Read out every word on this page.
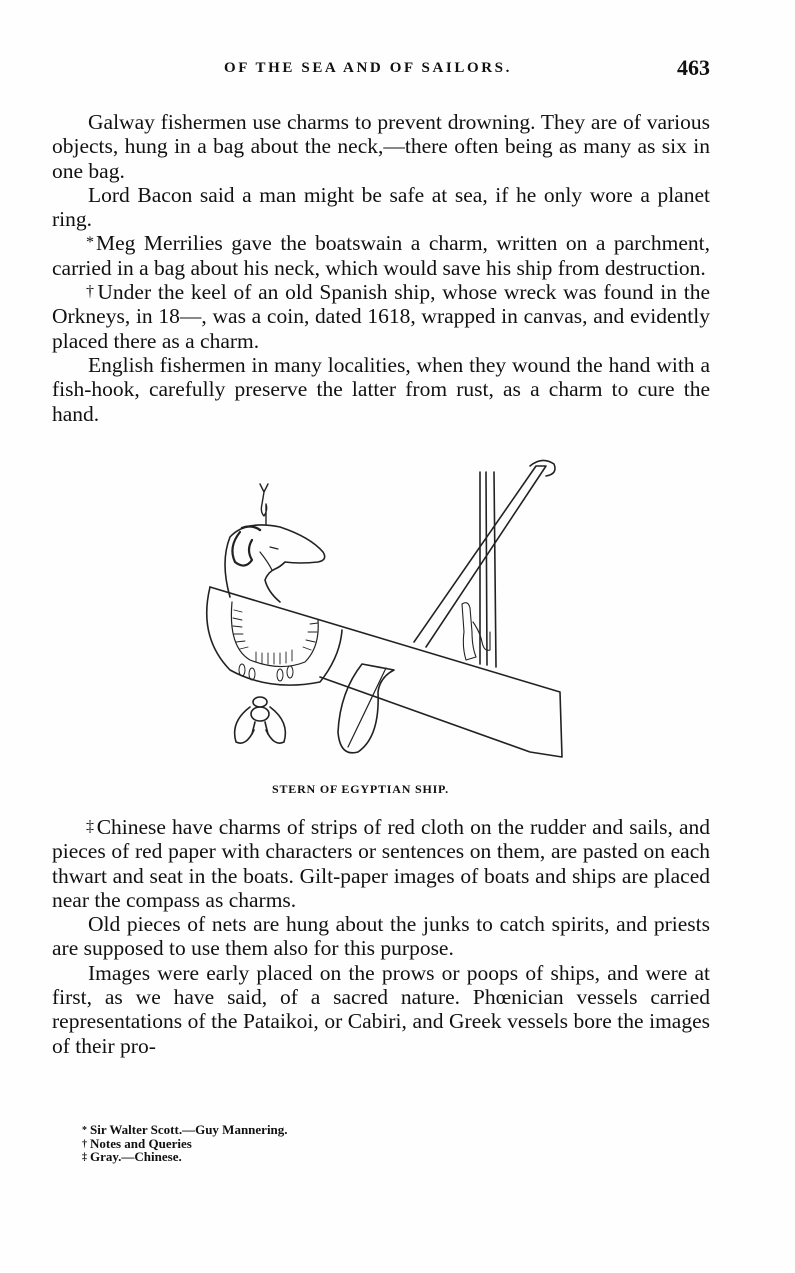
OF THE SEA AND OF SAILORS.	463

Galway fishermen use charms to prevent drowning. They are of various objects, hung in a bag about the neck,—there often being as many as six in one bag.

Lord Bacon said a man might be safe at sea, if he only wore a planet ring.

*Meg Merrilies gave the boatswain a charm, written on a parchment, carried in a bag about his neck, which would save his ship from destruction.

†Under the keel of an old Spanish ship, whose wreck was found in the Orkneys, in 18—, was a coin, dated 1618, wrapped in canvas, and evidently placed there as a charm.

English fishermen in many localities, when they wound the hand with a fish-hook, carefully preserve the latter from rust, as a charm to cure the hand.

STERN OF EGYPTIAN SHIP.

‡Chinese have charms of strips of red cloth on the rudder and sails, and pieces of red paper with characters or sentences on them, are pasted on each thwart and seat in the boats. Gilt-paper images of boats and ships are placed near the compass as charms.

Old pieces of nets are hung about the junks to catch spirits, and priests are supposed to use them also for this purpose.

Images were early placed on the prows or poops of ships, and were at first, as we have said, of a sacred nature. Phœnician vessels carried representations of the Pataikoi, or Cabiri, and Greek vessels bore the images of their pro-

* Sir Walter Scott.—Guy Mannering.
† Notes and Queries
‡ Gray.—Chinese.
